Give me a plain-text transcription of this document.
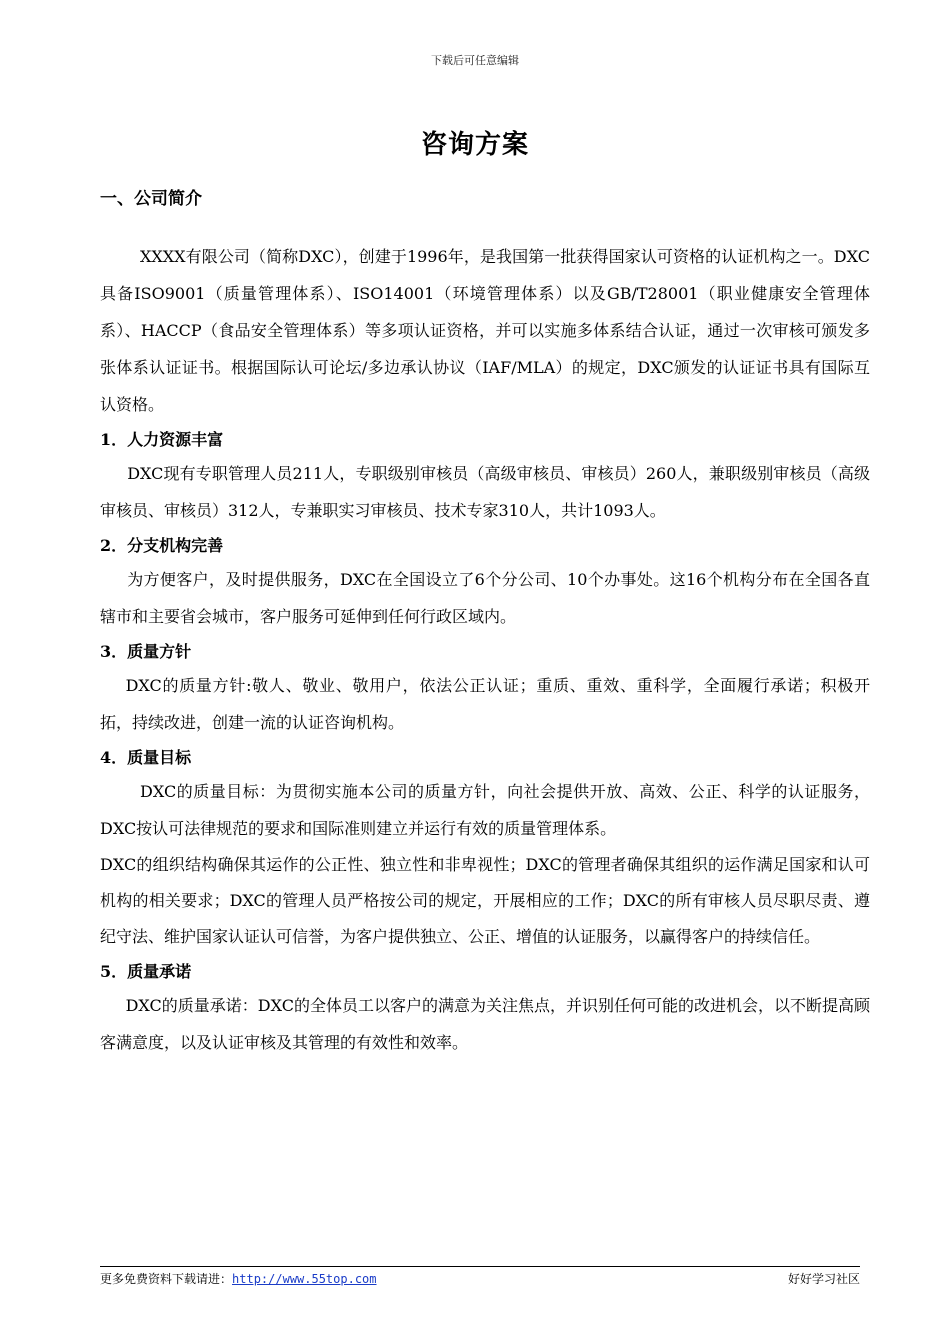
下载后可任意编辑
咨询方案
一、公司简介

XXXX有限公司（简称DXC），创建于1996年，是我国第一批获得国家认可资格的认证机构之一。DXC具备ISO9001（质量管理体系）、ISO14001（环境管理体系）以及GB/T28001（职业健康安全管理体系）、HACCP（食品安全管理体系）等多项认证资格，并可以实施多体系结合认证，通过一次审核可颁发多张体系认证证书。根据国际认可论坛/多边承认协议（IAF/MLA）的规定，DXC颁发的认证证书具有国际互认资格。

1．人力资源丰富

DXC现有专职管理人员211人，专职级别审核员（高级审核员、审核员）260人，兼职级别审核员（高级审核员、审核员）312人，专兼职实习审核员、技术专家310人，共计1093人。

2．分支机构完善

为方便客户，及时提供服务，DXC在全国设立了6个分公司、10个办事处。这16个机构分布在全国各直辖市和主要省会城市，客户服务可延伸到任何行政区域内。

3．质量方针

DXC的质量方针:敬人、敬业、敬用户，依法公正认证；重质、重效、重科学，全面履行承诺；积极开拓，持续改进，创建一流的认证咨询机构。

4．质量目标

DXC的质量目标：为贯彻实施本公司的质量方针，向社会提供开放、高效、公正、科学的认证服务，DXC按认可法律规范的要求和国际准则建立并运行有效的质量管理体系。

DXC的组织结构确保其运作的公正性、独立性和非卑视性；DXC的管理者确保其组织的运作满足国家和认可机构的相关要求；DXC的管理人员严格按公司的规定，开展相应的工作；DXC的所有审核人员尽职尽责、遵纪守法、维护国家认证认可信誉，为客户提供独立、公正、增值的认证服务，以赢得客户的持续信任。

5．质量承诺

DXC的质量承诺：DXC的全体员工以客户的满意为关注焦点，并识别任何可能的改进机会，以不断提高顾客满意度，以及认证审核及其管理的有效性和效率。

更多免费资料下载请进：http://www.55top.com	好好学习社区
